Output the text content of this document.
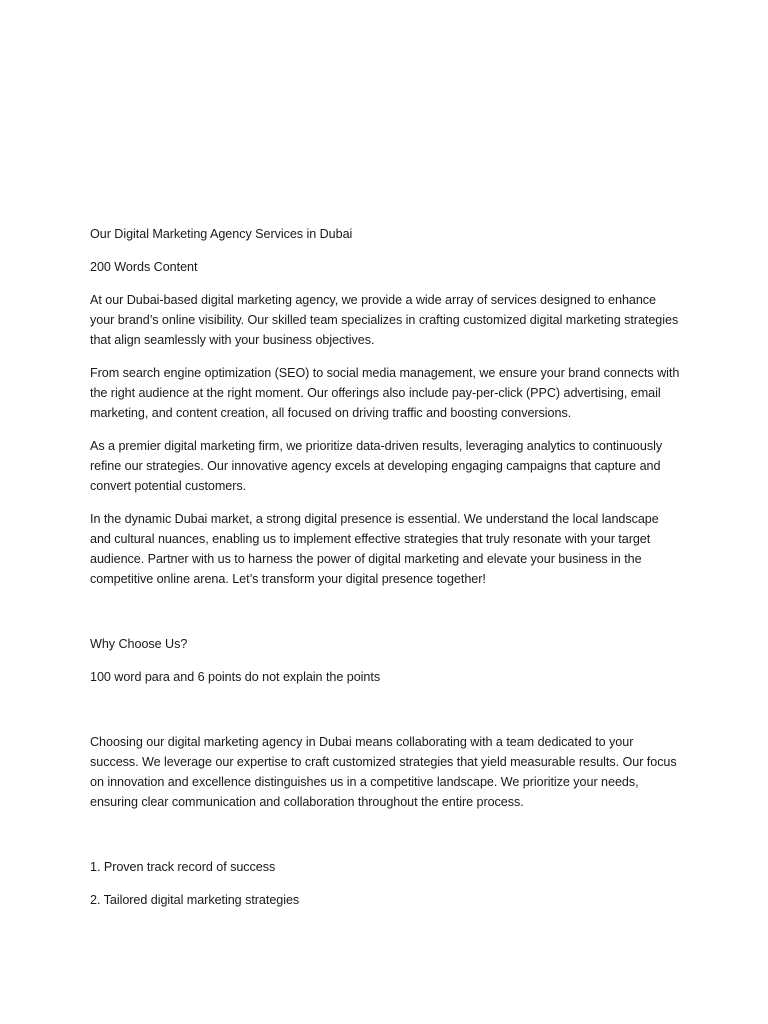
Our Digital Marketing Agency Services in Dubai

200 Words Content

At our Dubai-based digital marketing agency, we provide a wide array of services designed to enhance your brand’s online visibility. Our skilled team specializes in crafting customized digital marketing strategies that align seamlessly with your business objectives.

From search engine optimization (SEO) to social media management, we ensure your brand connects with the right audience at the right moment. Our offerings also include pay-per-click (PPC) advertising, email marketing, and content creation, all focused on driving traffic and boosting conversions.

As a premier digital marketing firm, we prioritize data-driven results, leveraging analytics to continuously refine our strategies. Our innovative agency excels at developing engaging campaigns that capture and convert potential customers.

In the dynamic Dubai market, a strong digital presence is essential. We understand the local landscape and cultural nuances, enabling us to implement effective strategies that truly resonate with your target audience. Partner with us to harness the power of digital marketing and elevate your business in the competitive online arena. Let’s transform your digital presence together!

Why Choose Us?

100 word para and 6 points do not explain the points

Choosing our digital marketing agency in Dubai means collaborating with a team dedicated to your success. We leverage our expertise to craft customized strategies that yield measurable results. Our focus on innovation and excellence distinguishes us in a competitive landscape. We prioritize your needs, ensuring clear communication and collaboration throughout the entire process.

1. Proven track record of success

2. Tailored digital marketing strategies
